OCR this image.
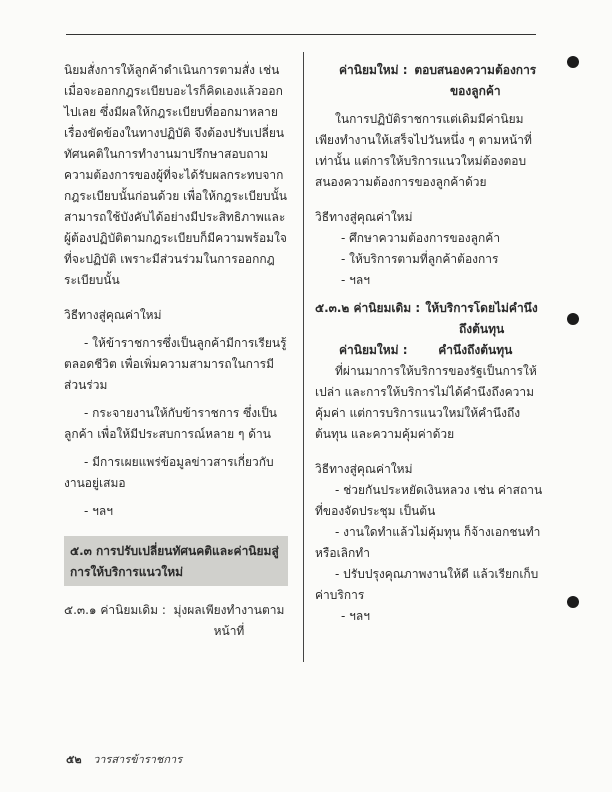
นิยมสั่งการให้ลูกค้าดำเนินการตามสั่ง เช่น เมื่อจะออกกฎระเบียบอะไรก็คิดเองแล้วออกไปเลย ซึ่งมีผลให้กฎระเบียบที่ออกมาหลายเรื่องขัดข้องในทางปฏิบัติ จึงต้องปรับเปลี่ยนทัศนคติในการทำงานมาปรึกษาสอบถามความต้องการของผู้ที่จะได้รับผลกระทบจากกฎระเบียบนั้นก่อนด้วย เพื่อให้กฎระเบียบนั้นสามารถใช้บังคับได้อย่างมีประสิทธิภาพและผู้ต้องปฏิบัติตามกฎระเบียบก็มีความพร้อมใจที่จะปฏิบัติ เพราะมีส่วนร่วมในการออกกฎระเบียบนั้น

วิธีทางสู่คุณค่าใหม่

- ให้ข้าราชการซึ่งเป็นลูกค้ามีการเรียนรู้ตลอดชีวิต เพื่อเพิ่มความสามารถในการมีส่วนร่วม

- กระจายงานให้กับข้าราชการ ซึ่งเป็นลูกค้า เพื่อให้มีประสบการณ์หลาย ๆ ด้าน

- มีการเผยแพร่ข้อมูลข่าวสารเกี่ยวกับงานอยู่เสมอ

- ฯลฯ

๕.๓ การปรับเปลี่ยนทัศนคติและค่านิยมสู่การให้บริการแนวใหม่
๕.๓.๑ ค่านิยมเดิม : มุ่งผลเพียงทำงานตามหน้าที่
ค่านิยมใหม่ : ตอบสนองความต้องการของลูกค้า

ในการปฏิบัติราชการแต่เดิมมีค่านิยมเพียงทำงานให้เสร็จไปวันหนึ่ง ๆ ตามหน้าที่เท่านั้น แต่การให้บริการแนวใหม่ต้องตอบสนองความต้องการของลูกค้าด้วย

วิธีทางสู่คุณค่าใหม่

- ศึกษาความต้องการของลูกค้า

- ให้บริการตามที่ลูกค้าต้องการ

- ฯลฯ

๕.๓.๒ ค่านิยมเดิม : ให้บริการโดยไม่คำนึงถึงต้นทุน
ค่านิยมใหม่ :	คำนึงถึงต้นทุน

ที่ผ่านมาการให้บริการของรัฐเป็นการให้เปล่า และการให้บริการไม่ได้คำนึงถึงความคุ้มค่า แต่การบริการแนวใหม่ให้คำนึงถึงต้นทุน และความคุ้มค่าด้วย

วิธีทางสู่คุณค่าใหม่

- ช่วยกันประหยัดเงินหลวง เช่น ค่าสถานที่ของจัดประชุม เป็นต้น

- งานใดทำแล้วไม่คุ้มทุน ก็จ้างเอกชนทำ หรือเลิกทำ

- ปรับปรุงคุณภาพงานให้ดี แล้วเรียกเก็บค่าบริการ

- ฯลฯ

๕๒ วารสารข้าราชการ
